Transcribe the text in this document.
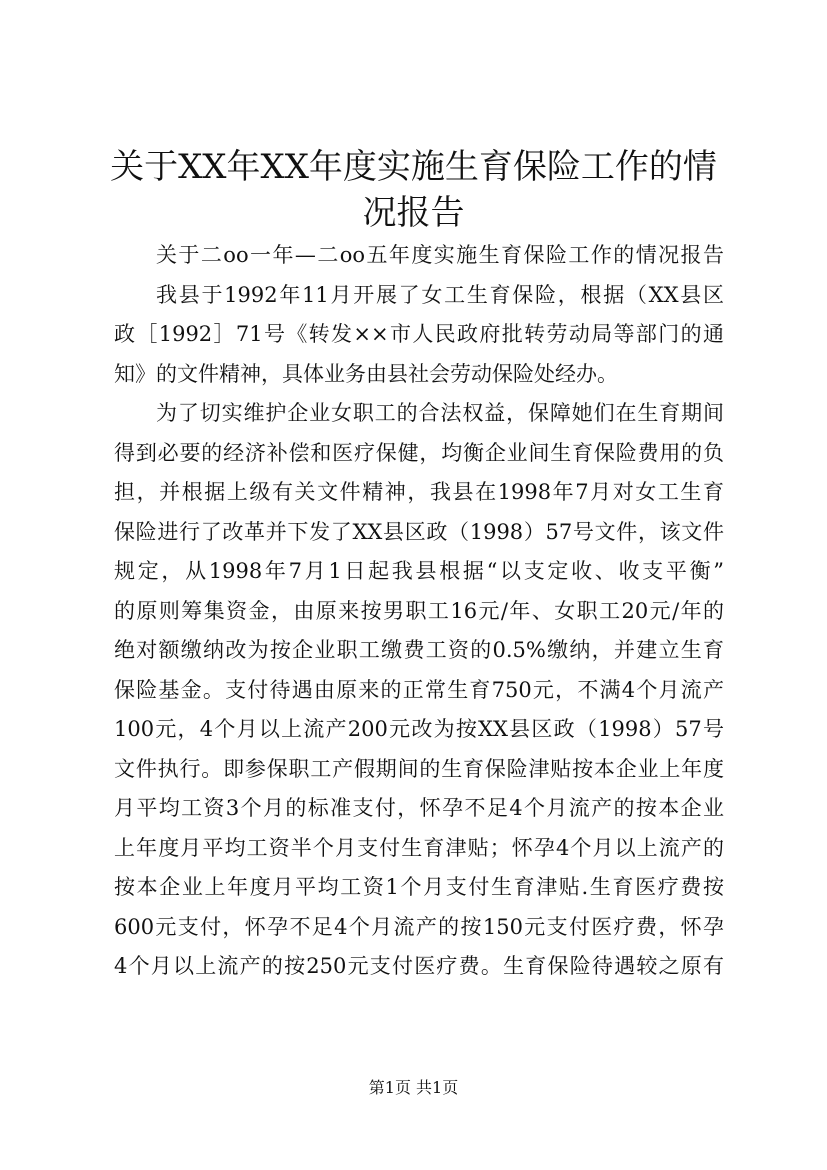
关于XX年XX年度实施生育保险工作的情况报告
关于二oo一年—二oo五年度实施生育保险工作的情况报告
我县于1992年11月开展了女工生育保险，根据（XX县区
政［1992］71号《转发××市人民政府批转劳动局等部门的通
知》的文件精神，具体业务由县社会劳动保险处经办。
为了切实维护企业女职工的合法权益，保障她们在生育期间
得到必要的经济补偿和医疗保健，均衡企业间生育保险费用的负
担，并根据上级有关文件精神，我县在1998年7月对女工生育
保险进行了改革并下发了XX县区政（1998）57号文件，该文件
规定，从1998年7月1日起我县根据“以支定收、收支平衡”
的原则筹集资金，由原来按男职工16元/年、女职工20元/年的
绝对额缴纳改为按企业职工缴费工资的0.5%缴纳，并建立生育
保险基金。支付待遇由原来的正常生育750元，不满4个月流产
100元，4个月以上流产200元改为按XX县区政（1998）57号
文件执行。即参保职工产假期间的生育保险津贴按本企业上年度
月平均工资3个月的标准支付，怀孕不足4个月流产的按本企业
上年度月平均工资半个月支付生育津贴；怀孕4个月以上流产的
按本企业上年度月平均工资1个月支付生育津贴.生育医疗费按
600元支付，怀孕不足4个月流产的按150元支付医疗费，怀孕
4个月以上流产的按250元支付医疗费。生育保险待遇较之原有
第1页 共1页
